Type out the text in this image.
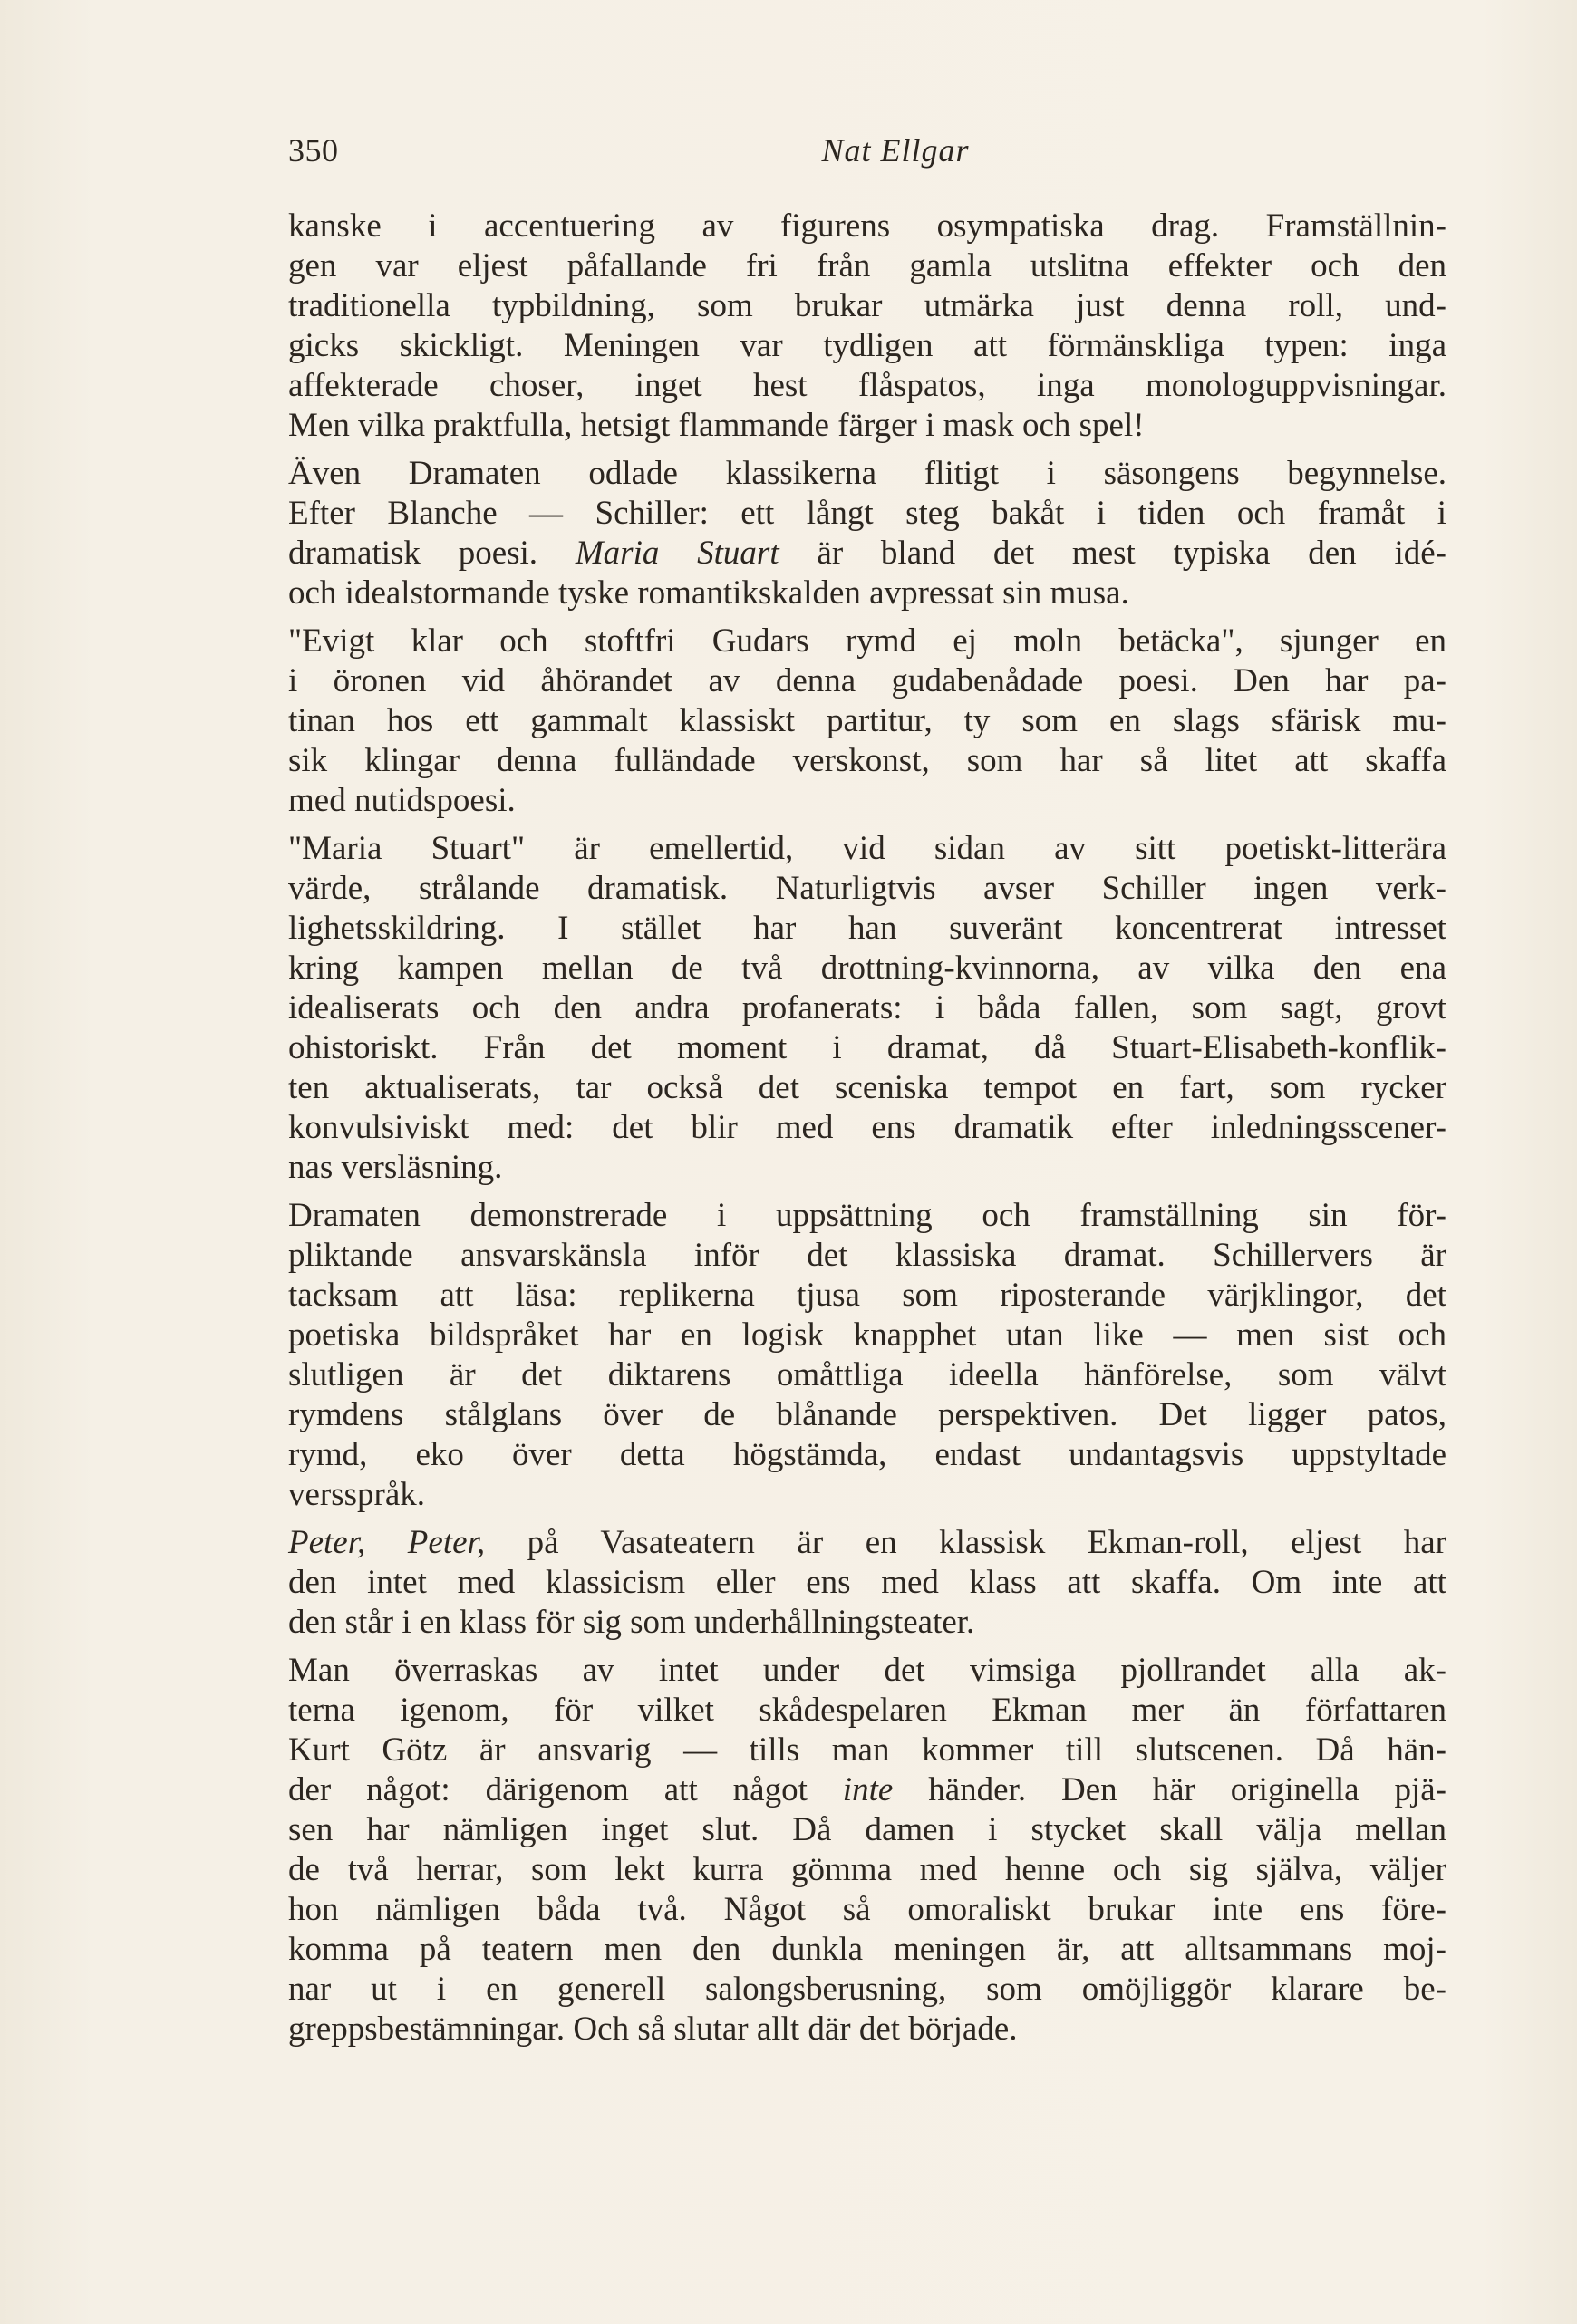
350	Nat Ellgar

kanske i accentuering av figurens osympatiska drag. Framställnin-
gen var eljest påfallande fri från gamla utslitna effekter och den
traditionella typbildning, som brukar utmärka just denna roll, und-
gicks skickligt. Meningen var tydligen att förmänskliga typen: inga
affekterade choser, inget hest flåspatos, inga monologuppvisningar.
Men vilka praktfulla, hetsigt flammande färger i mask och spel!

Även Dramaten odlade klassikerna flitigt i säsongens begynnelse.
Efter Blanche — Schiller: ett långt steg bakåt i tiden och framåt i
dramatisk poesi. Maria Stuart är bland det mest typiska den idé-
och idealstormande tyske romantikskalden avpressat sin musa.

"Evigt klar och stoftfri Gudars rymd ej moln betäcka", sjunger en
i öronen vid åhörandet av denna gudabenådade poesi. Den har pa-
tinan hos ett gammalt klassiskt partitur, ty som en slags sfärisk mu-
sik klingar denna fulländade verskonst, som har så litet att skaffa
med nutidspoesi.

"Maria Stuart" är emellertid, vid sidan av sitt poetiskt-litterära
värde, strålande dramatisk. Naturligtvis avser Schiller ingen verk-
lighetsskildring. I stället har han suveränt koncentrerat intresset
kring kampen mellan de två drottning-kvinnorna, av vilka den ena
idealiserats och den andra profanerats: i båda fallen, som sagt, grovt
ohistoriskt. Från det moment i dramat, då Stuart-Elisabeth-konflik-
ten aktualiserats, tar också det sceniska tempot en fart, som rycker
konvulsiviskt med: det blir med ens dramatik efter inledningsscener-
nas versläsning.

Dramaten demonstrerade i uppsättning och framställning sin för-
pliktande ansvarskänsla inför det klassiska dramat. Schillervers är
tacksam att läsa: replikerna tjusa som riposterande värjklingor, det
poetiska bildspråket har en logisk knapphet utan like — men sist och
slutligen är det diktarens omåttliga ideella hänförelse, som välvt
rymdens stålglans över de blånande perspektiven. Det ligger patos,
rymd, eko över detta högstämda, endast undantagsvis uppstyltade
versspråk.

Peter, Peter, på Vasateatern är en klassisk Ekman-roll, eljest har
den intet med klassicism eller ens med klass att skaffa. Om inte att
den står i en klass för sig som underhållningsteater.

Man överraskas av intet under det vimsiga pjollrandet alla ak-
terna igenom, för vilket skådespelaren Ekman mer än författaren
Kurt Götz är ansvarig — tills man kommer till slutscenen. Då hän-
der något: därigenom att något inte händer. Den här originella pjä-
sen har nämligen inget slut. Då damen i stycket skall välja mellan
de två herrar, som lekt kurra gömma med henne och sig själva, väljer
hon nämligen båda två. Något så omoraliskt brukar inte ens före-
komma på teatern men den dunkla meningen är, att alltsammans moj-
nar ut i en generell salongsberusning, som omöjliggör klarare be-
greppsbestämningar. Och så slutar allt där det började.
